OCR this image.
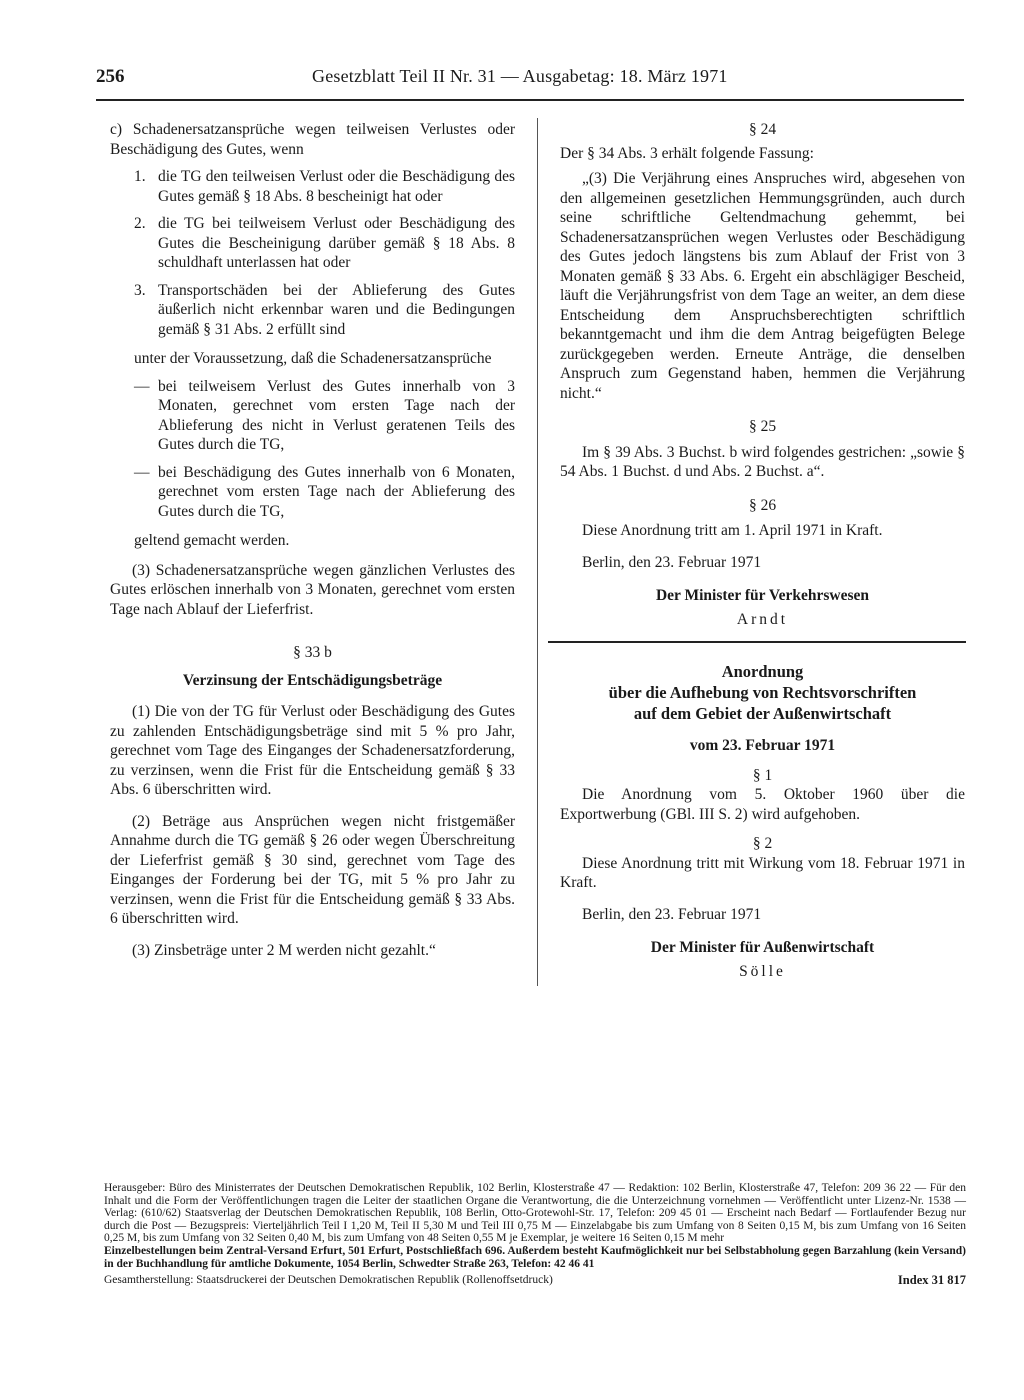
256	Gesetzblatt Teil II Nr. 31 — Ausgabetag: 18. März 1971

c) Schadenersatzansprüche wegen teilweisen Verlustes oder Beschädigung des Gutes, wenn

1. die TG den teilweisen Verlust oder die Beschädigung des Gutes gemäß § 18 Abs. 8 bescheinigt hat oder
2. die TG bei teilweisem Verlust oder Beschädigung des Gutes die Bescheinigung darüber gemäß § 18 Abs. 8 schuldhaft unterlassen hat oder
3. Transportschäden bei der Ablieferung des Gutes äußerlich nicht erkennbar waren und die Bedingungen gemäß § 31 Abs. 2 erfüllt sind

unter der Voraussetzung, daß die Schadenersatzansprüche

— bei teilweisem Verlust des Gutes innerhalb von 3 Monaten, gerechnet vom ersten Tage nach der Ablieferung des nicht in Verlust geratenen Teils des Gutes durch die TG,
— bei Beschädigung des Gutes innerhalb von 6 Monaten, gerechnet vom ersten Tage nach der Ablieferung des Gutes durch die TG,

geltend gemacht werden.

(3) Schadenersatzansprüche wegen gänzlichen Verlustes des Gutes erlöschen innerhalb von 3 Monaten, gerechnet vom ersten Tage nach Ablauf der Lieferfrist.

§ 33 b

Verzinsung der Entschädigungsbeträge

(1) Die von der TG für Verlust oder Beschädigung des Gutes zu zahlenden Entschädigungsbeträge sind mit 5 % pro Jahr, gerechnet vom Tage des Einganges der Schadenersatzforderung, zu verzinsen, wenn die Frist für die Entscheidung gemäß § 33 Abs. 6 überschritten wird.

(2) Beträge aus Ansprüchen wegen nicht fristgemäßer Annahme durch die TG gemäß § 26 oder wegen Überschreitung der Lieferfrist gemäß § 30 sind, gerechnet vom Tage des Einganges der Forderung bei der TG, mit 5 % pro Jahr zu verzinsen, wenn die Frist für die Entscheidung gemäß § 33 Abs. 6 überschritten wird.

(3) Zinsbeträge unter 2 M werden nicht gezahlt.“

§ 24

Der § 34 Abs. 3 erhält folgende Fassung:

„(3) Die Verjährung eines Anspruches wird, abgesehen von den allgemeinen gesetzlichen Hemmungsgründen, auch durch seine schriftliche Geltendmachung gehemmt, bei Schadenersatzansprüchen wegen Verlustes oder Beschädigung des Gutes jedoch längstens bis zum Ablauf der Frist von 3 Monaten gemäß § 33 Abs. 6. Ergeht ein abschlägiger Bescheid, läuft die Verjährungsfrist von dem Tage an weiter, an dem diese Entscheidung dem Anspruchsberechtigten schriftlich bekanntgemacht und ihm die dem Antrag beigefügten Belege zurückgegeben werden. Erneute Anträge, die denselben Anspruch zum Gegenstand haben, hemmen die Verjährung nicht.“

§ 25

Im § 39 Abs. 3 Buchst. b wird folgendes gestrichen: „sowie § 54 Abs. 1 Buchst. d und Abs. 2 Buchst. a“.

§ 26

Diese Anordnung tritt am 1. April 1971 in Kraft.

Berlin, den 23. Februar 1971

Der Minister für Verkehrswesen

Arndt

Anordnung
über die Aufhebung von Rechtsvorschriften
auf dem Gebiet der Außenwirtschaft

vom 23. Februar 1971

§ 1

Die Anordnung vom 5. Oktober 1960 über die Exportwerbung (GBl. III S. 2) wird aufgehoben.

§ 2

Diese Anordnung tritt mit Wirkung vom 18. Februar 1971 in Kraft.

Berlin, den 23. Februar 1971

Der Minister für Außenwirtschaft

Sölle

Herausgeber: Büro des Ministerrates der Deutschen Demokratischen Republik, 102 Berlin, Klosterstraße 47 — Redaktion: 102 Berlin, Klosterstraße 47, Telefon: 209 36 22 — Für den Inhalt und die Form der Veröffentlichungen tragen die Leiter der staatlichen Organe die Verantwortung, die die Unterzeichnung vornehmen — Veröffentlicht unter Lizenz-Nr. 1538 — Verlag: (610/62) Staatsverlag der Deutschen Demokratischen Republik, 108 Berlin, Otto-Grotewohl-Str. 17, Telefon: 209 45 01 — Erscheint nach Bedarf — Fortlaufender Bezug nur durch die Post — Bezugspreis: Vierteljährlich Teil I 1,20 M, Teil II 5,30 M und Teil III 0,75 M — Einzelabgabe bis zum Umfang von 8 Seiten 0,15 M, bis zum Umfang von 16 Seiten 0,25 M, bis zum Umfang von 32 Seiten 0,40 M, bis zum Umfang von 48 Seiten 0,55 M je Exemplar, je weitere 16 Seiten 0,15 M mehr

Einzelbestellungen beim Zentral-Versand Erfurt, 501 Erfurt, Postschließfach 696. Außerdem besteht Kaufmöglichkeit nur bei Selbstabholung gegen Barzahlung (kein Versand) in der Buchhandlung für amtliche Dokumente, 1054 Berlin, Schwedter Straße 263, Telefon: 42 46 41

Gesamtherstellung: Staatsdruckerei der Deutschen Demokratischen Republik (Rollenoffsetdruck)	Index 31 817
